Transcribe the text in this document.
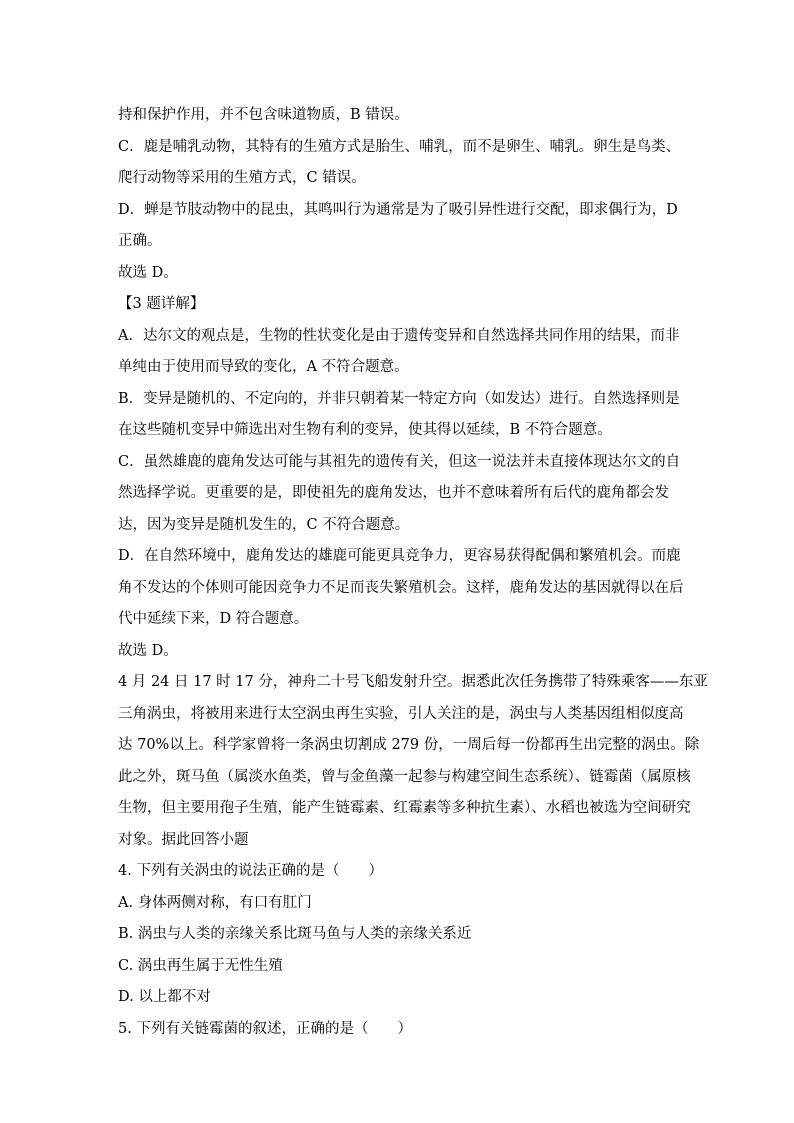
持和保护作用，并不包含味道物质，B 错误。
C．鹿是哺乳动物，其特有的生殖方式是胎生、哺乳，而不是卵生、哺乳。卵生是鸟类、
爬行动物等采用的生殖方式，C 错误。
D．蝉是节肢动物中的昆虫，其鸣叫行为通常是为了吸引异性进行交配，即求偶行为，D
正确。
故选 D。
【3 题详解】
A．达尔文的观点是，生物的性状变化是由于遗传变异和自然选择共同作用的结果，而非
单纯由于使用而导致的变化，A 不符合题意。
B．变异是随机的、不定向的，并非只朝着某一特定方向（如发达）进行。自然选择则是
在这些随机变异中筛选出对生物有利的变异，使其得以延续，B 不符合题意。
C．虽然雄鹿的鹿角发达可能与其祖先的遗传有关，但这一说法并未直接体现达尔文的自
然选择学说。更重要的是，即使祖先的鹿角发达，也并不意味着所有后代的鹿角都会发
达，因为变异是随机发生的，C 不符合题意。
D．在自然环境中，鹿角发达的雄鹿可能更具竞争力，更容易获得配偶和繁殖机会。而鹿
角不发达的个体则可能因竞争力不足而丧失繁殖机会。这样，鹿角发达的基因就得以在后
代中延续下来，D 符合题意。
故选 D。
4 月 24 日 17 时 17 分，神舟二十号飞船发射升空。据悉此次任务携带了特殊乘客——东亚
三角涡虫，将被用来进行太空涡虫再生实验，引人关注的是，涡虫与人类基因组相似度高
达 70%以上。科学家曾将一条涡虫切割成 279 份，一周后每一份都再生出完整的涡虫。除
此之外，斑马鱼（属淡水鱼类，曾与金鱼藻一起参与构建空间生态系统）、链霉菌（属原核
生物，但主要用孢子生殖，能产生链霉素、红霉素等多种抗生素）、水稻也被选为空间研究
对象。据此回答小题
4. 下列有关涡虫的说法正确的是（　　）
A. 身体两侧对称，有口有肛门
B. 涡虫与人类的亲缘关系比斑马鱼与人类的亲缘关系近
C. 涡虫再生属于无性生殖
D. 以上都不对
5. 下列有关链霉菌的叙述，正确的是（　　）
